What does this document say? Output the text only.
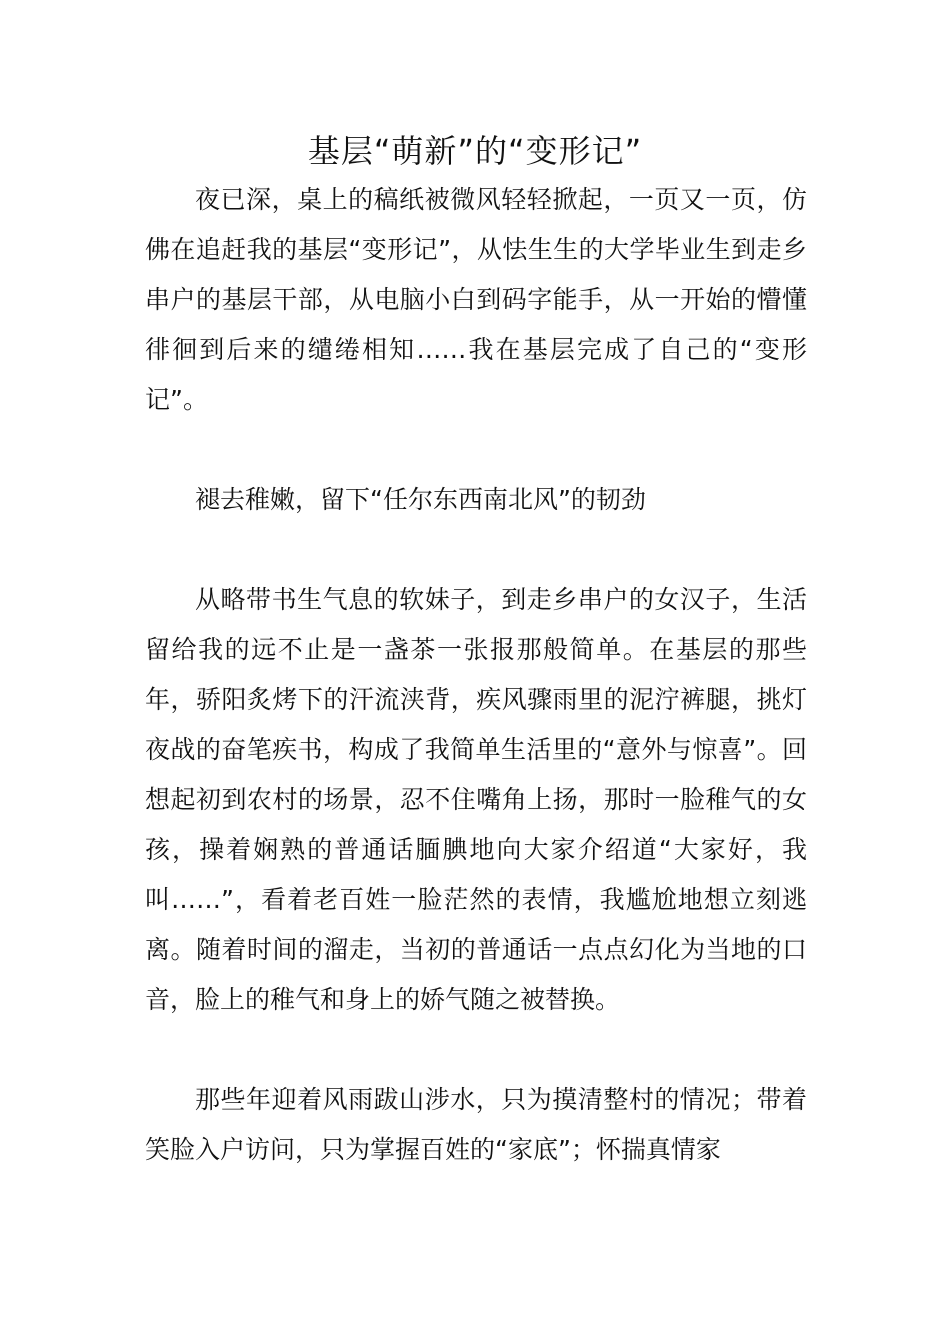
基层“萌新”的“变形记”

夜已深，桌上的稿纸被微风轻轻掀起，一页又一页，仿佛在追赶我的基层“变形记”，从怯生生的大学毕业生到走乡串户的基层干部，从电脑小白到码字能手，从一开始的懵懂徘徊到后来的缱绻相知……我在基层完成了自己的“变形记”。

褪去稚嫩，留下“任尔东西南北风”的韧劲

从略带书生气息的软妹子，到走乡串户的女汉子，生活留给我的远不止是一盏茶一张报那般简单。在基层的那些年，骄阳炙烤下的汗流浃背，疾风骤雨里的泥泞裤腿，挑灯夜战的奋笔疾书，构成了我简单生活里的“意外与惊喜”。回想起初到农村的场景，忍不住嘴角上扬，那时一脸稚气的女孩，操着娴熟的普通话腼腆地向大家介绍道“大家好，我叫……”，看着老百姓一脸茫然的表情，我尴尬地想立刻逃离。随着时间的溜走，当初的普通话一点点幻化为当地的口音，脸上的稚气和身上的娇气随之被替换。

那些年迎着风雨跋山涉水，只为摸清整村的情况；带着笑脸入户访问，只为掌握百姓的“家底”；怀揣真情家
